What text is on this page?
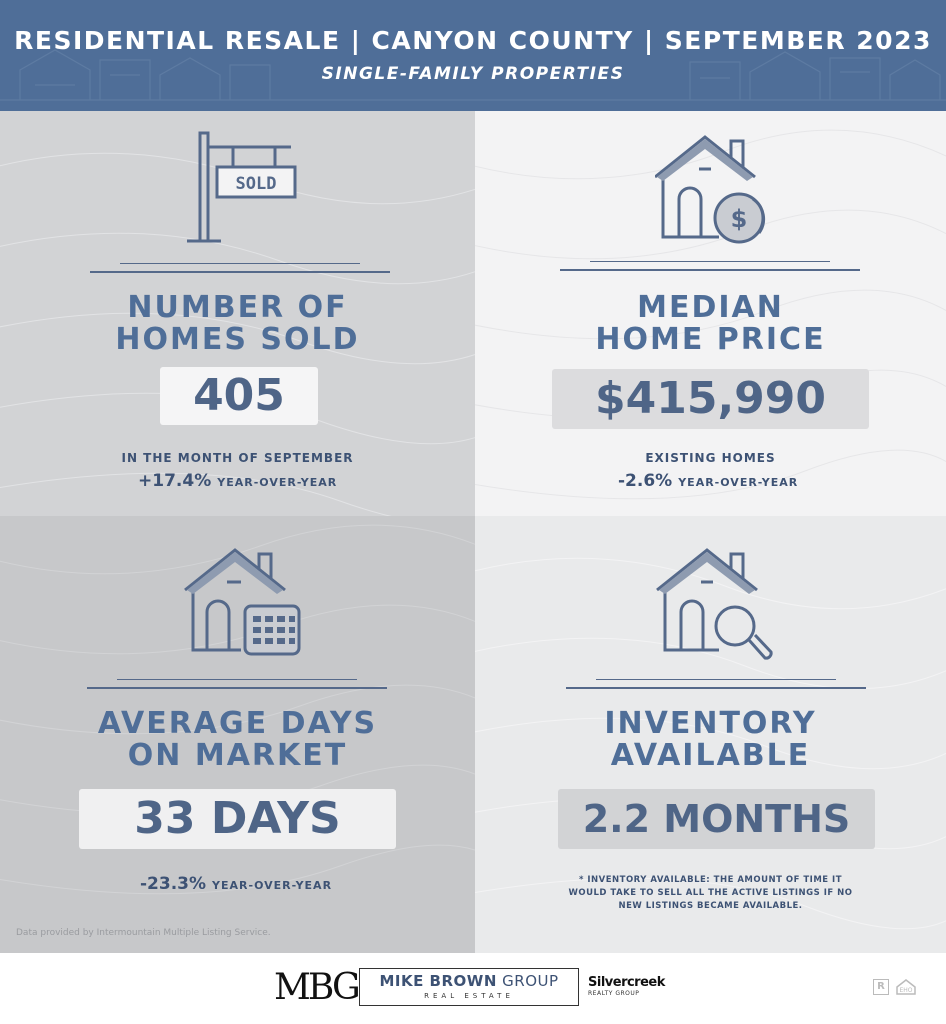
RESIDENTIAL RESALE | CANYON COUNTY | SEPTEMBER 2023
SINGLE-FAMILY PROPERTIES
SOLD
NUMBER OF
HOMES SOLD
405
IN THE MONTH OF SEPTEMBER
+17.4% YEAR-OVER-YEAR
$
MEDIAN
HOME PRICE
$415,990
EXISTING HOMES
-2.6% YEAR-OVER-YEAR
AVERAGE DAYS
ON MARKET
33 DAYS
-23.3% YEAR-OVER-YEAR
Data provided by Intermountain Multiple Listing Service.
INVENTORY
AVAILABLE
2.2 MONTHS
* INVENTORY AVAILABLE: THE AMOUNT OF TIME IT
WOULD TAKE TO SELL ALL THE ACTIVE LISTINGS IF NO
NEW LISTINGS BECAME AVAILABLE.
MBG	MIKE BROWN GROUP
REAL ESTATE
Silvercreek
REALTY GROUP
R	EHO
